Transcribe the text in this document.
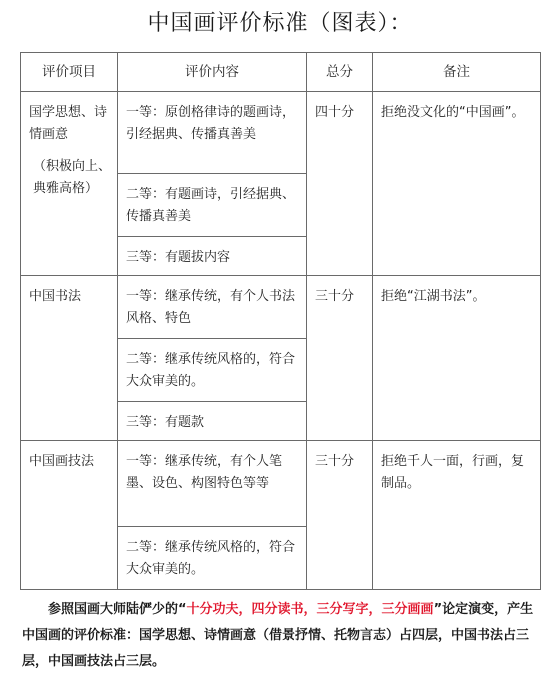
中国画评价标准（图表）：
评价项目	评价内容	总分	备注

国学思想、诗情画意
（积极向上、典雅高格）	一等：原创格律诗的题画诗，引经据典、传播真善美	四十分	拒绝没文化的“中国画”。
	二等：有题画诗，引经据典、传播真善美		
	三等：有题拔内容		

中国书法	一等：继承传统，有个人书法风格、特色	三十分	拒绝“江湖书法”。
	二等：继承传统风格的，符合大众审美的。		
	三等：有题款		

中国画技法	一等：继承传统，有个人笔墨、设色、构图特色等等	三十分	拒绝千人一面，行画，复制品。
	二等：继承传统风格的，符合大众审美的。		
参照国画大师陆俨少的“十分功夫，四分读书，三分写字，三分画画”论定演变，产生中国画的评价标准：国学思想、诗情画意（借景抒情、托物言志）占四层，中国书法占三层，中国画技法占三层。
